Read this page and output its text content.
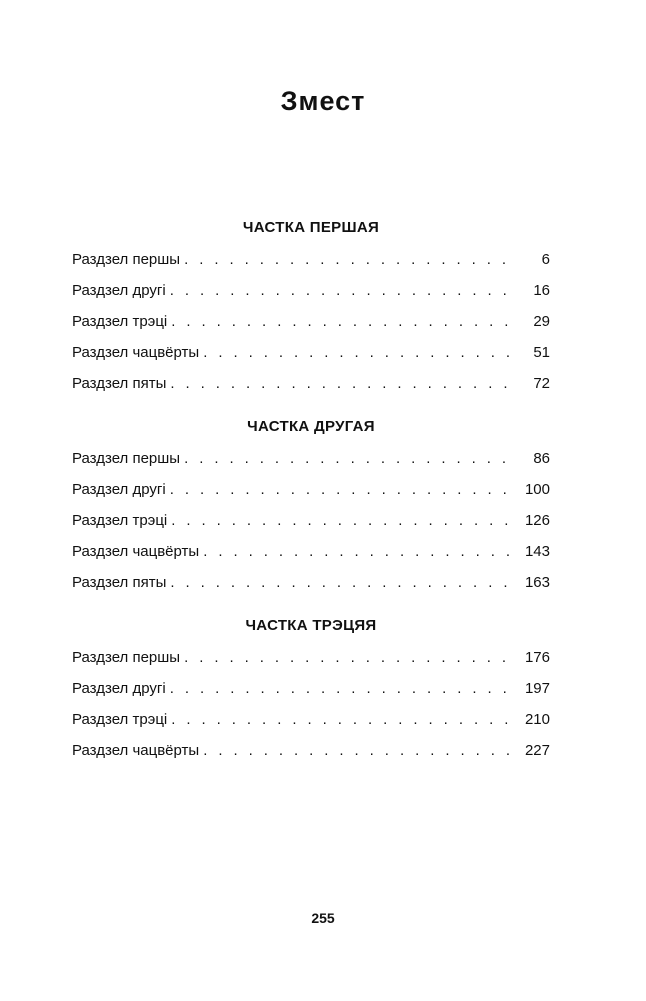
Змест
ЧАСТКА ПЕРШАЯ
Раздзел першы . . .	6
Раздзел другі . . .	16
Раздзел трэці . . .	29
Раздзел чацвёрты . . .	51
Раздзел пяты . . .	72
ЧАСТКА ДРУГАЯ
Раздзел першы . . .	86
Раздзел другі . . .	100
Раздзел трэці . . .	126
Раздзел чацвёрты . . .	143
Раздзел пяты . . .	163
ЧАСТКА ТРЭЦЯЯ
Раздзел першы . . .	176
Раздзел другі . . .	197
Раздзел трэці . . .	210
Раздзел чацвёрты . . .	227
255
